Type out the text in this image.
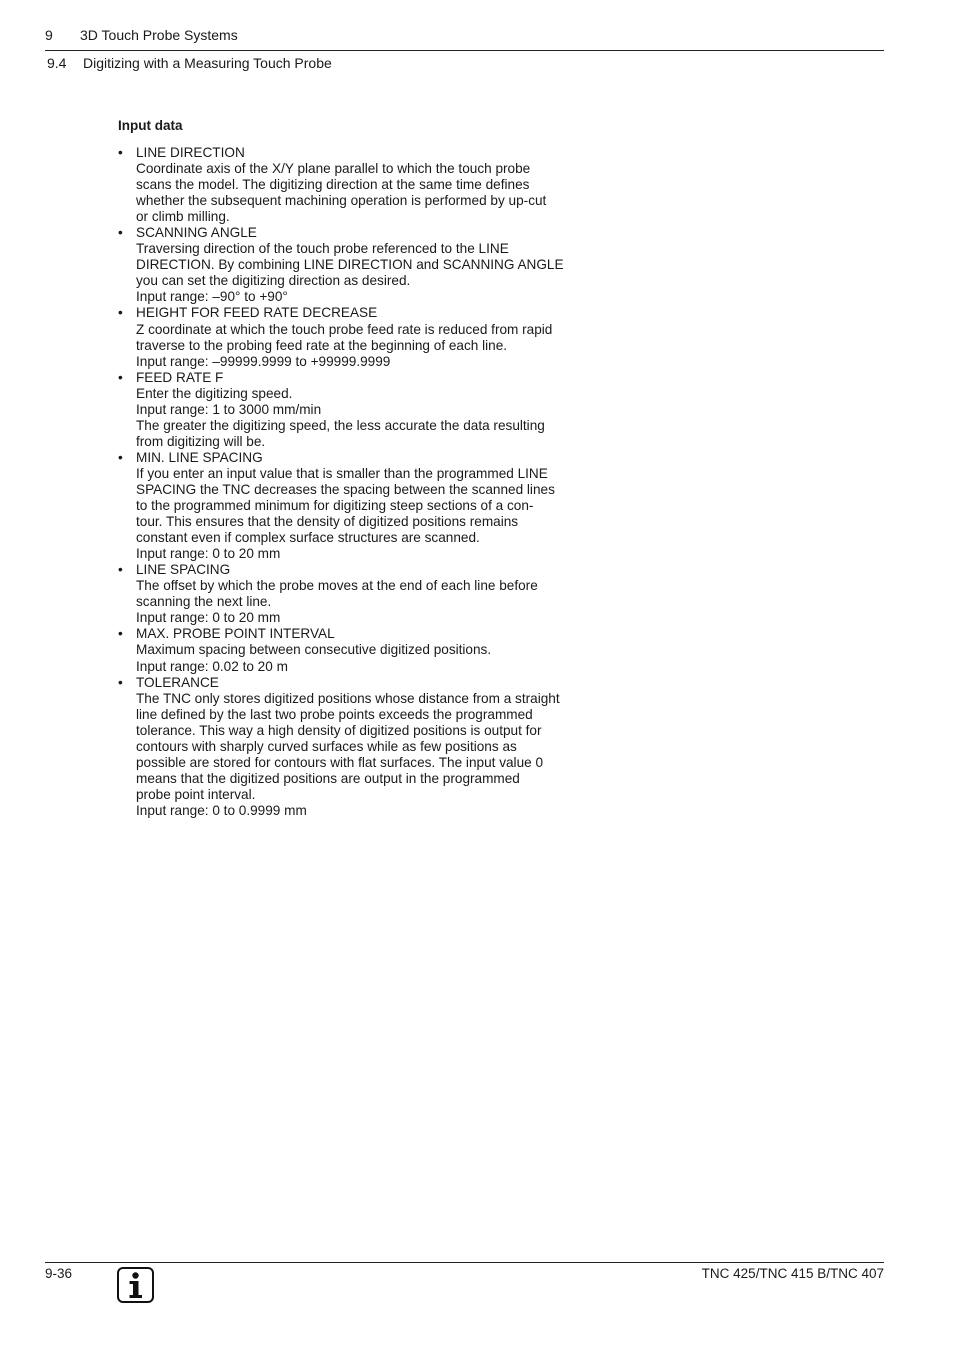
9 3D Touch Probe Systems
9.4 Digitizing with a Measuring Touch Probe
Input data
• LINE DIRECTION
Coordinate axis of the X/Y plane parallel to which the touch probe
scans the model. The digitizing direction at the same time defines
whether the subsequent machining operation is performed by up-cut
or climb milling.
• SCANNING ANGLE
Traversing direction of the touch probe referenced to the LINE
DIRECTION. By combining LINE DIRECTION and SCANNING ANGLE
you can set the digitizing direction as desired.
Input range: –90° to +90°
• HEIGHT FOR FEED RATE DECREASE
Z coordinate at which the touch probe feed rate is reduced from rapid
traverse to the probing feed rate at the beginning of each line.
Input range: –99999.9999 to +99999.9999
• FEED RATE F
Enter the digitizing speed.
Input range: 1 to 3000 mm/min
The greater the digitizing speed, the less accurate the data resulting
from digitizing will be.
• MIN. LINE SPACING
If you enter an input value that is smaller than the programmed LINE
SPACING the TNC decreases the spacing between the scanned lines
to the programmed minimum for digitizing steep sections of a con-
tour. This ensures that the density of digitized positions remains
constant even if complex surface structures are scanned.
Input range: 0 to 20 mm
• LINE SPACING
The offset by which the probe moves at the end of each line before
scanning the next line.
Input range: 0 to 20 mm
• MAX. PROBE POINT INTERVAL
Maximum spacing between consecutive digitized positions.
Input range: 0.02 to 20 m
• TOLERANCE
The TNC only stores digitized positions whose distance from a straight
line defined by the last two probe points exceeds the programmed
tolerance. This way a high density of digitized positions is output for
contours with sharply curved surfaces while as few positions as
possible are stored for contours with flat surfaces. The input value 0
means that the digitized positions are output in the programmed
probe point interval.
Input range: 0 to 0.9999 mm
9-36	TNC 425/TNC 415 B/TNC 407
